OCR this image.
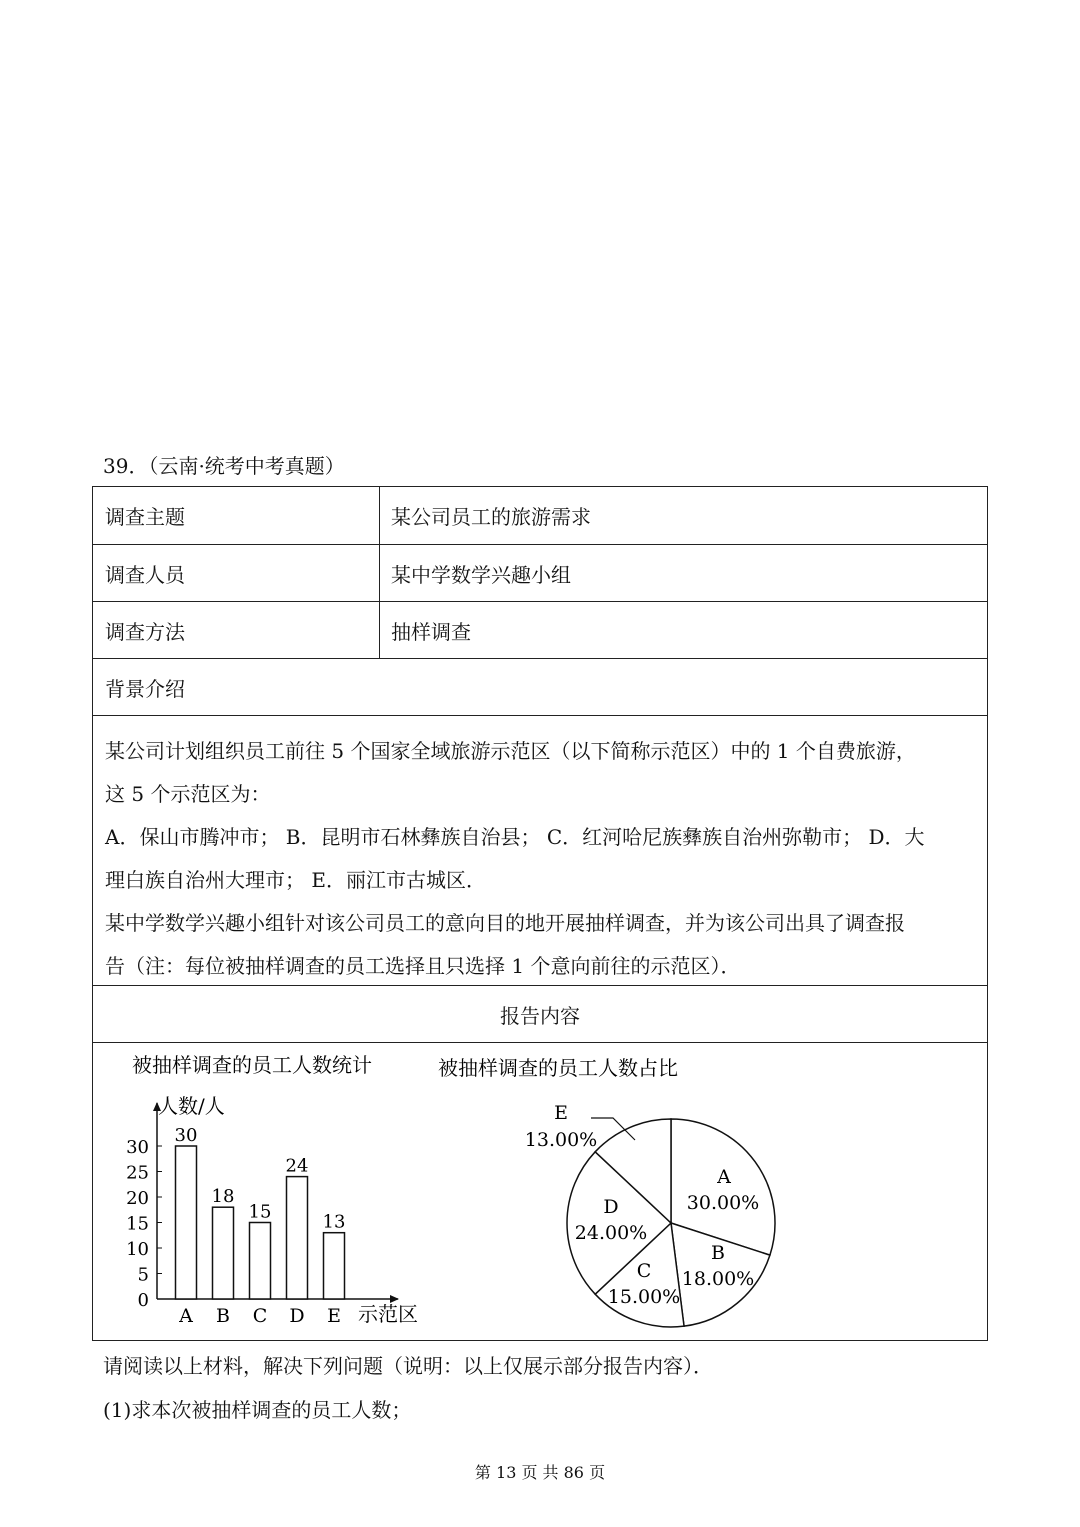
39．（云南·统考中考真题）
调查主题	某公司员工的旅游需求
调查人员	某中学数学兴趣小组
调查方法	抽样调查
背景介绍

某公司计划组织员工前往 5 个国家全域旅游示范区（以下简称示范区）中的 1 个自费旅游，

这 5 个示范区为：

A．保山市腾冲市； B．昆明市石林彝族自治县； C．红河哈尼族彝族自治州弥勒市； D．大

理白族自治州大理市； E．丽江市古城区．

某中学数学兴趣小组针对该公司员工的意向目的地开展抽样调查，并为该公司出具了调查报

告（注：每位被抽样调查的员工选择且只选择 1 个意向前往的示范区）．

报告内容
被抽样调查的员工人数统计
人数/人
示范区
0
5
10
15
20
25
30
30
A
18
B
15
C
24
D
13
E
被抽样调查的员工人数占比
A
30.00%
B
18.00%
C
15.00%
D
24.00%
E
13.00%
请阅读以上材料，解决下列问题（说明：以上仅展示部分报告内容）．
(1)求本次被抽样调查的员工人数；
第 13 页 共 86 页
